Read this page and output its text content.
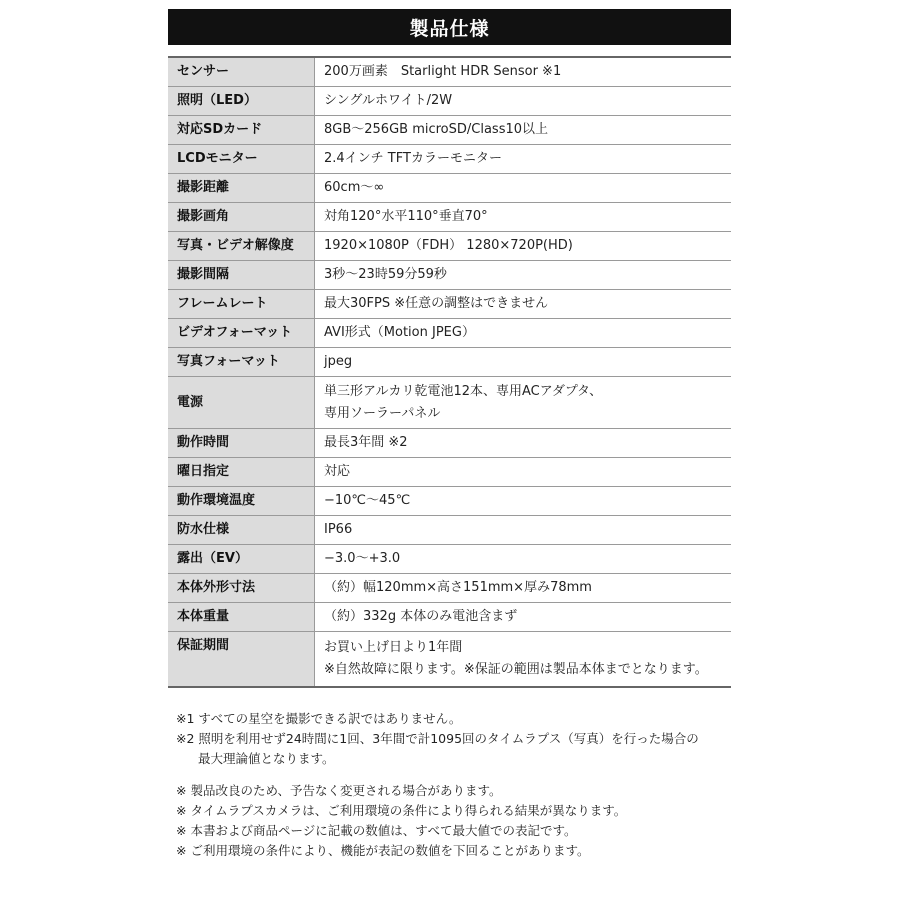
製品仕様
センサー	200万画素　Starlight HDR Sensor ※1
照明（LED）	シングルホワイト/2W
対応SDカード	8GB～256GB microSD/Class10以上
LCDモニター	2.4インチ TFTカラーモニター
撮影距離	60cm～∞
撮影画角	対角120°水平110°垂直70°
写真・ビデオ解像度	1920×1080P（FDH） 1280×720P(HD)
撮影間隔	3秒～23時59分59秒
フレームレート	最大30FPS ※任意の調整はできません
ビデオフォーマット	AVI形式（Motion JPEG）
写真フォーマット	jpeg
電源	単三形アルカリ乾電池12本、専用ACアダプタ、
専用ソーラーパネル

動作時間	最長3年間 ※2
曜日指定	対応
動作環境温度	−10℃～45℃
防水仕様	IP66
露出（EV）	−3.0～+3.0
本体外形寸法	（約）幅120mm×高さ151mm×厚み78mm
本体重量	（約）332g 本体のみ電池含まず
保証期間	お買い上げ日より1年間
※自然故障に限ります。※保証の範囲は製品本体までとなります。
※1 すべての星空を撮影できる訳ではありません。
※2 照明を利用せず24時間に1回、3年間で計1095回のタイムラプス（写真）を行った場合の
最大理論値となります。
※ 製品改良のため、予告なく変更される場合があります。
※ タイムラプスカメラは、ご利用環境の条件により得られる結果が異なります。
※ 本書および商品ページに記載の数値は、すべて最大値での表記です。
※ ご利用環境の条件により、機能が表記の数値を下回ることがあります。
